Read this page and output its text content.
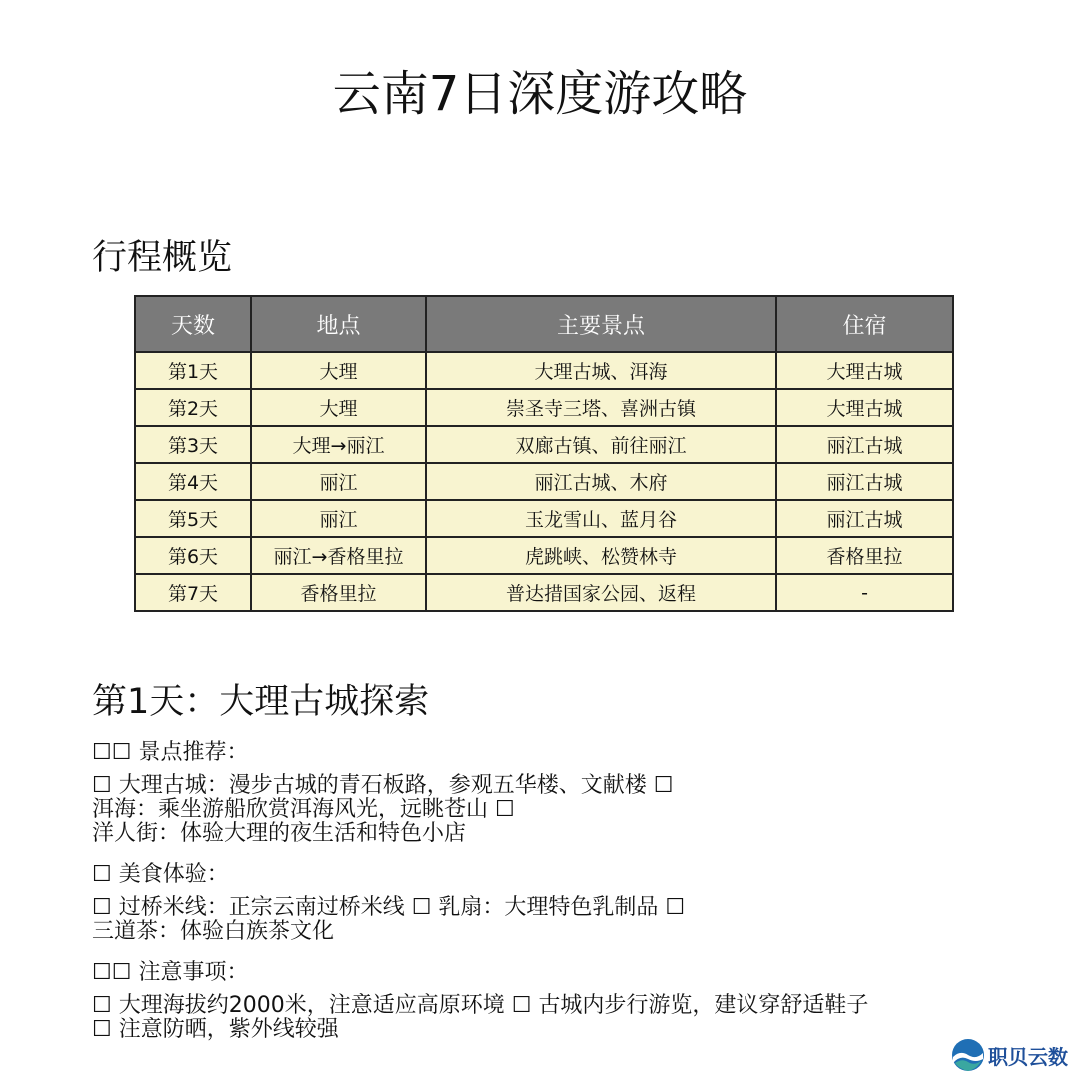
云南7日深度游攻略
行程概览
天数	地点	主要景点	住宿
第1天	大理	大理古城、洱海	大理古城
第2天	大理	崇圣寺三塔、喜洲古镇	大理古城
第3天	大理→丽江	双廊古镇、前往丽江	丽江古城
第4天	丽江	丽江古城、木府	丽江古城
第5天	丽江	玉龙雪山、蓝月谷	丽江古城
第6天	丽江→香格里拉	虎跳峡、松赞林寺	香格里拉
第7天	香格里拉	普达措国家公园、返程	-
第1天：大理古城探索
☐☐ 景点推荐：
☐ 大理古城：漫步古城的青石板路，参观五华楼、文献楼 ☐
洱海：乘坐游船欣赏洱海风光，远眺苍山 ☐
洋人街：体验大理的夜生活和特色小店
☐ 美食体验：
☐ 过桥米线：正宗云南过桥米线 ☐ 乳扇：大理特色乳制品 ☐
三道茶：体验白族茶文化
☐☐ 注意事项：
☐ 大理海拔约2000米，注意适应高原环境 ☐ 古城内步行游览，建议穿舒适鞋子
☐ 注意防晒，紫外线较强
职贝云数
